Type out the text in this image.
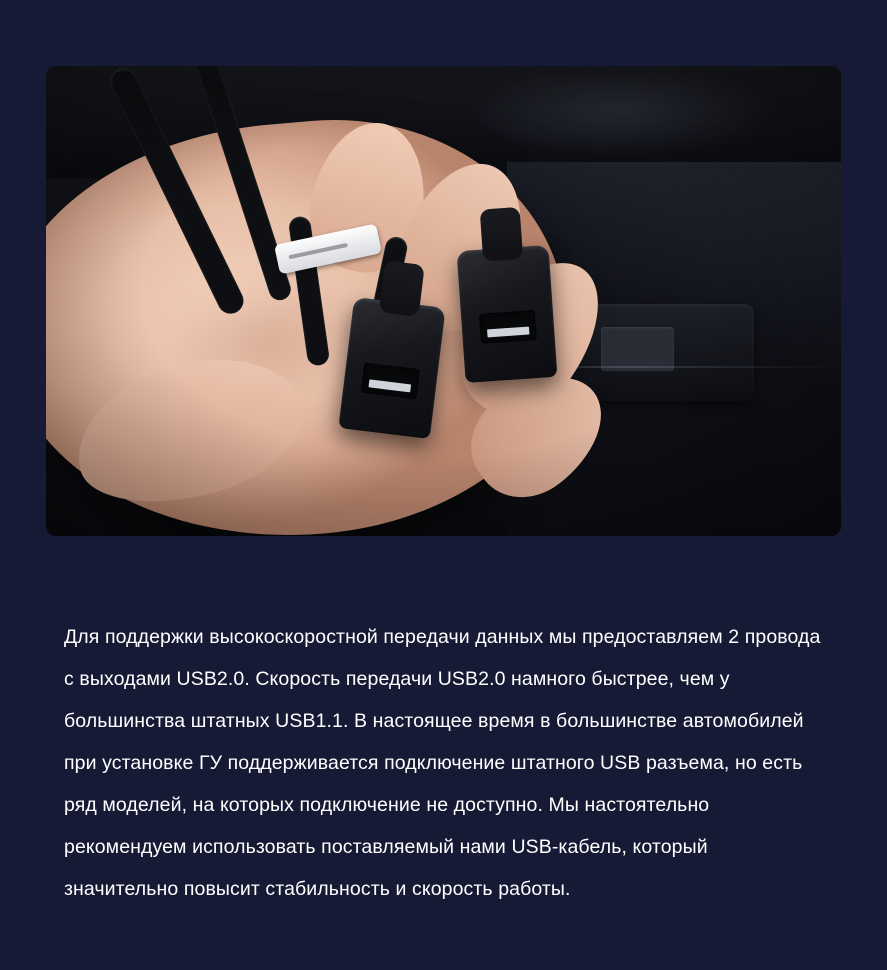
Для поддержки высокоскоростной передачи данных мы предоставляем 2 провода с выходами USB2.0. Скорость передачи USB2.0 намного быстрее, чем у большинства штатных USB1.1. В настоящее время в большинстве автомобилей при установке ГУ поддерживается подключение штатного USB разъема, но есть ряд моделей, на которых подключение не доступно. Мы настоятельно рекомендуем использовать поставляемый нами USB-кабель, который значительно повысит стабильность и скорость работы.
